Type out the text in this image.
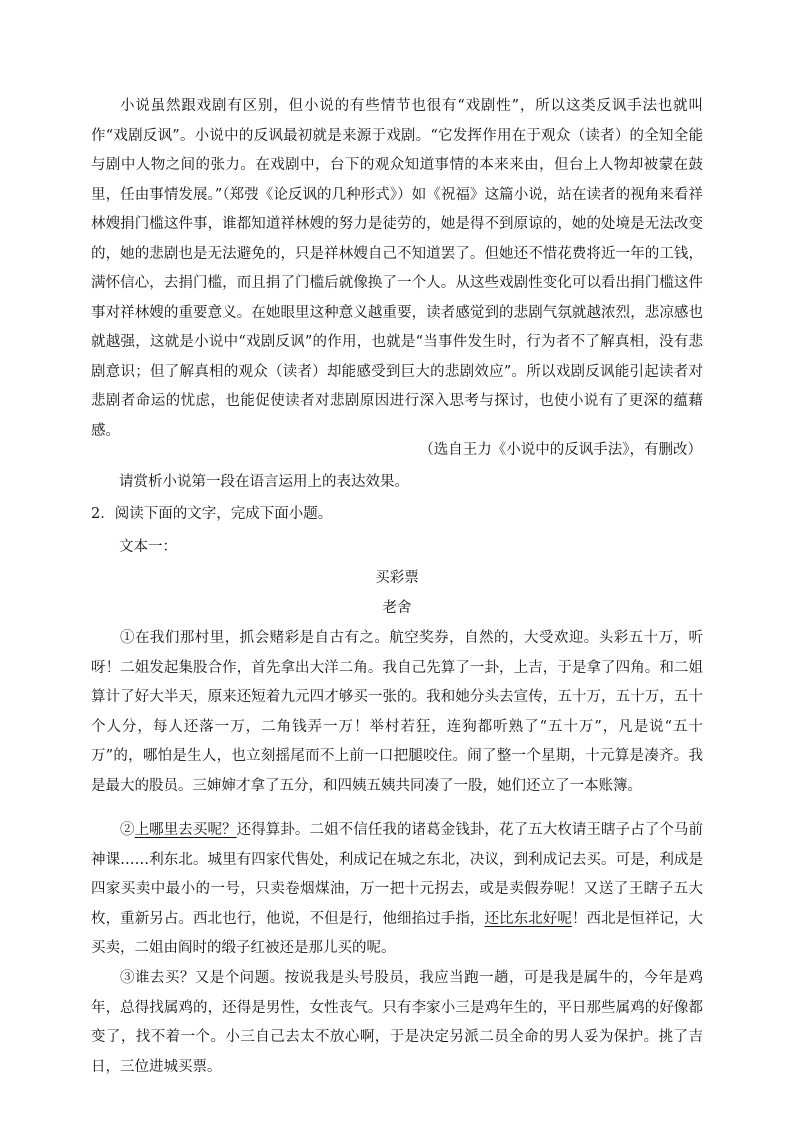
小说虽然跟戏剧有区别，但小说的有些情节也很有“戏剧性”，所以这类反讽手法也就叫作“戏剧反讽”。小说中的反讽最初就是来源于戏剧。“它发挥作用在于观众（读者）的全知全能与剧中人物之间的张力。在戏剧中，台下的观众知道事情的本来来由，但台上人物却被蒙在鼓里，任由事情发展。”（郑弢《论反讽的几种形式》）如《祝福》这篇小说，站在读者的视角来看祥林嫂捐门槛这件事，谁都知道祥林嫂的努力是徒劳的，她是得不到原谅的，她的处境是无法改变的，她的悲剧也是无法避免的，只是祥林嫂自己不知道罢了。但她还不惜花费将近一年的工钱，满怀信心，去捐门槛，而且捐了门槛后就像换了一个人。从这些戏剧性变化可以看出捐门槛这件事对祥林嫂的重要意义。在她眼里这种意义越重要，读者感觉到的悲剧气氛就越浓烈，悲凉感也就越强，这就是小说中“戏剧反讽”的作用，也就是“当事件发生时，行为者不了解真相，没有悲剧意识；但了解真相的观众（读者）却能感受到巨大的悲剧效应”。所以戏剧反讽能引起读者对悲剧者命运的忧虑，也能促使读者对悲剧原因进行深入思考与探讨，也使小说有了更深的蕴藉感。

（选自王力《小说中的反讽手法》，有删改）
请赏析小说第一段在语言运用上的表达效果。
2．阅读下面的文字，完成下面小题。
文本一：
买彩票
老舍

①在我们那村里，抓会赌彩是自古有之。航空奖券，自然的，大受欢迎。头彩五十万，听呀！二姐发起集股合作，首先拿出大洋二角。我自己先算了一卦，上吉，于是拿了四角。和二姐算计了好大半天，原来还短着九元四才够买一张的。我和她分头去宣传，五十万，五十万，五十个人分，每人还落一万，二角钱弄一万！举村若狂，连狗都听熟了“五十万”，凡是说“五十万”的，哪怕是生人，也立刻摇尾而不上前一口把腿咬住。闹了整一个星期，十元算是凑齐。我是最大的股员。三婶婶才拿了五分，和四姨五姨共同凑了一股，她们还立了一本账簿。

②上哪里去买呢？还得算卦。二姐不信任我的诸葛金钱卦，花了五大枚请王瞎子占了个马前神课……利东北。城里有四家代售处，利成记在城之东北，决议，到利成记去买。可是，利成是四家买卖中最小的一号，只卖卷烟煤油，万一把十元拐去，或是卖假券呢！又送了王瞎子五大枚，重新另占。西北也行，他说，不但是行，他细掐过手指，还比东北好呢！西北是恒祥记，大买卖，二姐由阎时的缎子红被还是那儿买的呢。

③谁去买？又是个问题。按说我是头号股员，我应当跑一趟，可是我是属牛的，今年是鸡年，总得找属鸡的，还得是男性，女性丧气。只有李家小三是鸡年生的，平日那些属鸡的好像都变了，找不着一个。小三自己去太不放心啊，于是决定另派二员全命的男人妥为保护。挑了吉日，三位进城买票。
